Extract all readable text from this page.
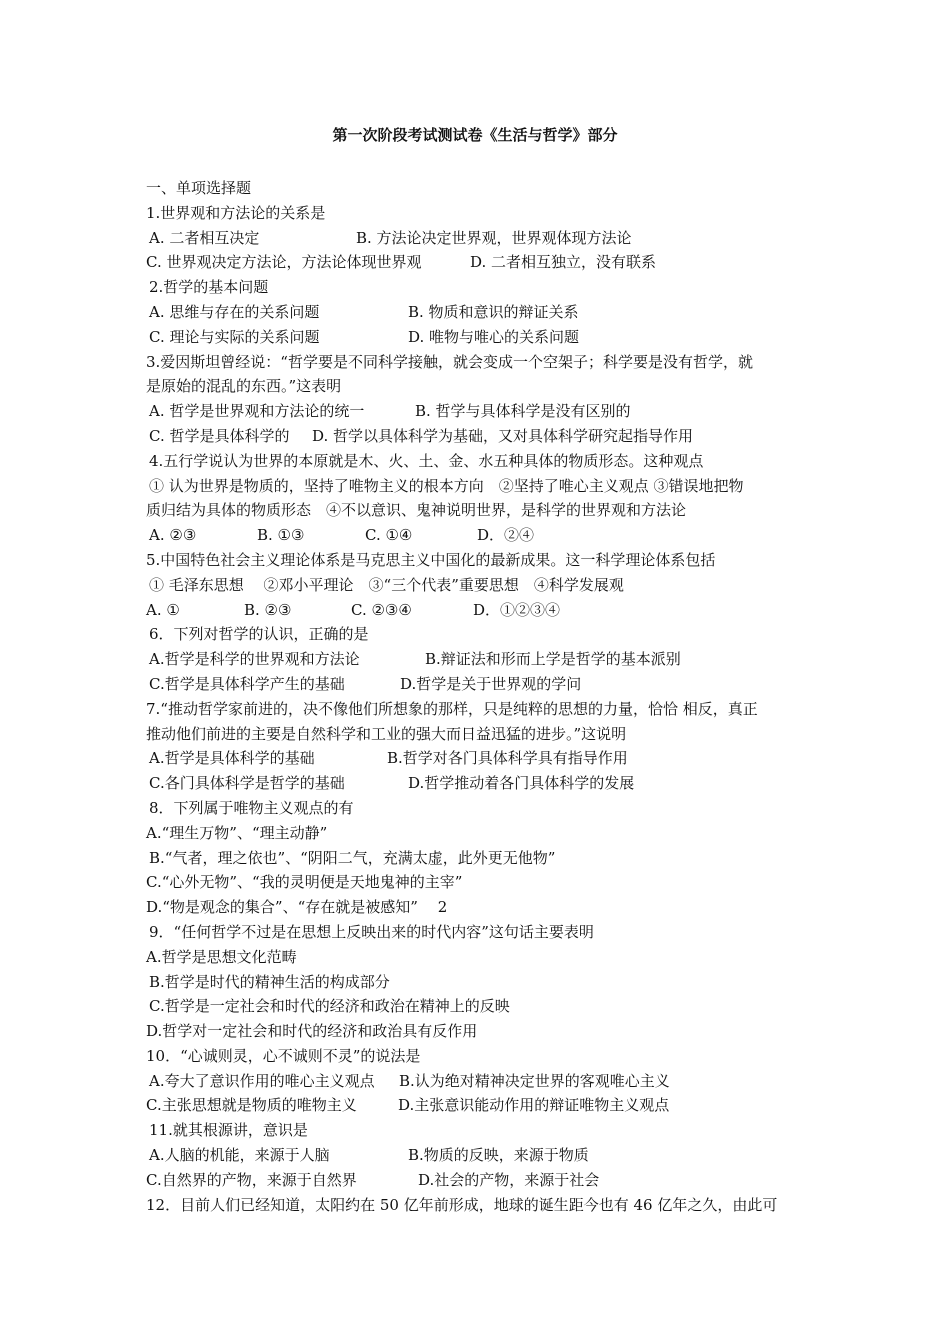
第一次阶段考试测试卷《生活与哲学》部分
一、单项选择题
1.世界观和方法论的关系是
A. 二者相互决定	B. 方法论决定世界观，世界观体现方法论
C. 世界观决定方法论，方法论体现世界观	D. 二者相互独立，没有联系
2.哲学的基本问题
A. 思维与存在的关系问题	B. 物质和意识的辩证关系
C. 理论与实际的关系问题	D. 唯物与唯心的关系问题
3.爱因斯坦曾经说：“哲学要是不同科学接触，就会变成一个空架子；科学要是没有哲学，就
是原始的混乱的东西。”这表明
A. 哲学是世界观和方法论的统一	B. 哲学与具体科学是没有区别的
C. 哲学是具体科学的	D. 哲学以具体科学为基础，又对具体科学研究起指导作用
4.五行学说认为世界的本原就是木、火、土、金、水五种具体的物质形态。这种观点
① 认为世界是物质的，坚持了唯物主义的根本方向　②坚持了唯心主义观点 ③错误地把物
质归结为具体的物质形态　④不以意识、鬼神说明世界，是科学的世界观和方法论
A. ②③	B. ①③	C. ①④	D．②④
5.中国特色社会主义理论体系是马克思主义中国化的最新成果。这一科学理论体系包括
① 毛泽东思想　 ②邓小平理论　③“三个代表”重要思想　④科学发展观
A. ①	B. ②③	C. ②③④	D．①②③④
6．下列对哲学的认识，正确的是
A.哲学是科学的世界观和方法论	B.辩证法和形而上学是哲学的基本派别
C.哲学是具体科学产生的基础	D.哲学是关于世界观的学问
7.“推动哲学家前进的，决不像他们所想象的那样，只是纯粹的思想的力量，恰恰 相反，真正
推动他们前进的主要是自然科学和工业的强大而日益迅猛的进步。”这说明
A.哲学是具体科学的基础	B.哲学对各门具体科学具有指导作用
C.各门具体科学是哲学的基础	D.哲学推动着各门具体科学的发展
8．下列属于唯物主义观点的有
A.“理生万物”、“理主动静”
B.“气者，理之依也”、“阴阳二气，充满太虚，此外更无他物”
C.“心外无物”、“我的灵明便是天地鬼神的主宰”
D.“物是观念的集合”、“存在就是被感知”　 2
9．“任何哲学不过是在思想上反映出来的时代内容”这句话主要表明
A.哲学是思想文化范畴
B.哲学是时代的精神生活的构成部分
C.哲学是一定社会和时代的经济和政治在精神上的反映
D.哲学对一定社会和时代的经济和政治具有反作用
10．“心诚则灵，心不诚则不灵”的说法是
A.夸大了意识作用的唯心主义观点	B.认为绝对精神决定世界的客观唯心主义
C.主张思想就是物质的唯物主义	D.主张意识能动作用的辩证唯物主义观点
11.就其根源讲，意识是
A.人脑的机能，来源于人脑	B.物质的反映，来源于物质
C.自然界的产物，来源于自然界	D.社会的产物，来源于社会
12．目前人们已经知道，太阳约在 50 亿年前形成，地球的诞生距今也有 46 亿年之久，由此可
